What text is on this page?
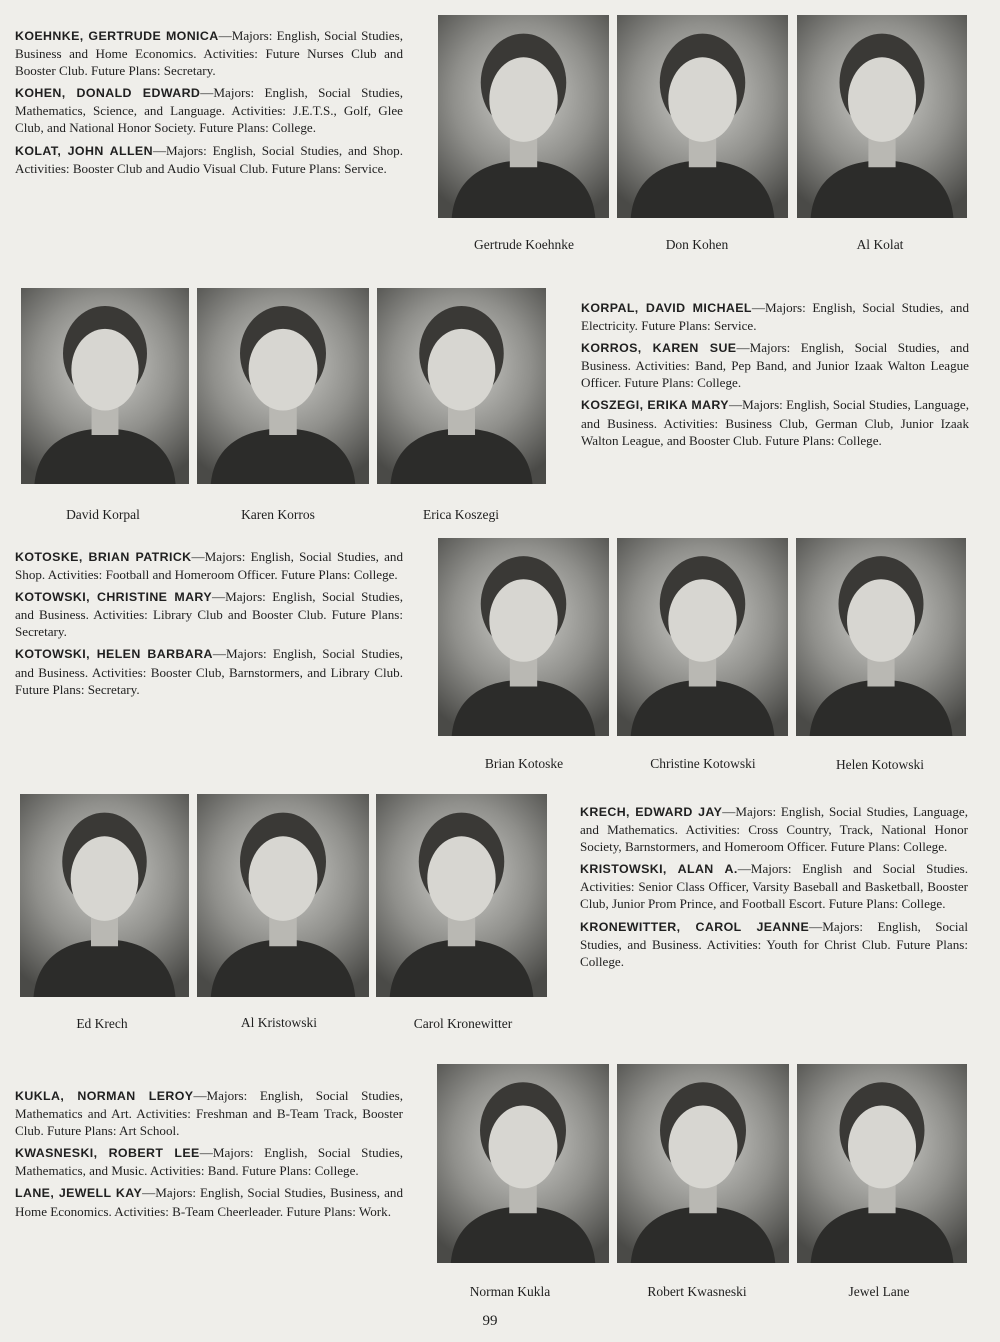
KOEHNKE, GERTRUDE MONICA—Majors: English, Social Studies, Business and Home Economics. Activities: Future Nurses Club and Booster Club. Future Plans: Secretary.

KOHEN, DONALD EDWARD—Majors: English, Social Studies, Mathematics, Science, and Language. Activities: J.E.T.S., Golf, Glee Club, and National Honor Society. Future Plans: College.

KOLAT, JOHN ALLEN—Majors: English, Social Studies, and Shop. Activities: Booster Club and Audio Visual Club. Future Plans: Service.

Gertrude Koehnke	Don Kohen	Al Kolat

KORPAL, DAVID MICHAEL—Majors: English, Social Studies, and Electricity. Future Plans: Service.

KORROS, KAREN SUE—Majors: English, Social Studies, and Business. Activities: Band, Pep Band, and Junior Izaak Walton League Officer. Future Plans: College.

KOSZEGI, ERIKA MARY—Majors: English, Social Studies, Language, and Business. Activities: Business Club, German Club, Junior Izaak Walton League, and Booster Club. Future Plans: College.

David Korpal	Karen Korros	Erica Koszegi

KOTOSKE, BRIAN PATRICK—Majors: English, Social Studies, and Shop. Activities: Football and Homeroom Officer. Future Plans: College.

KOTOWSKI, CHRISTINE MARY—Majors: English, Social Studies, and Business. Activities: Library Club and Booster Club. Future Plans: Secretary.

KOTOWSKI, HELEN BARBARA—Majors: English, Social Studies, and Business. Activities: Booster Club, Barnstormers, and Library Club. Future Plans: Secretary.

Brian Kotoske	Christine Kotowski	Helen Kotowski

KRECH, EDWARD JAY—Majors: English, Social Studies, Language, and Mathematics. Activities: Cross Country, Track, National Honor Society, Barnstormers, and Homeroom Officer. Future Plans: College.

KRISTOWSKI, ALAN A.—Majors: English and Social Studies. Activities: Senior Class Officer, Varsity Baseball and Basketball, Booster Club, Junior Prom Prince, and Football Escort. Future Plans: College.

KRONEWITTER, CAROL JEANNE—Majors: English, Social Studies, and Business. Activities: Youth for Christ Club. Future Plans: College.

Ed Krech	Al Kristowski	Carol Kronewitter

KUKLA, NORMAN LEROY—Majors: English, Social Studies, Mathematics and Art. Activities: Freshman and B-Team Track, Booster Club. Future Plans: Art School.

KWASNESKI, ROBERT LEE—Majors: English, Social Studies, Mathematics, and Music. Activities: Band. Future Plans: College.

LANE, JEWELL KAY—Majors: English, Social Studies, Business, and Home Economics. Activities: B-Team Cheerleader. Future Plans: Work.

Norman Kukla	Robert Kwasneski	Jewel Lane
99
